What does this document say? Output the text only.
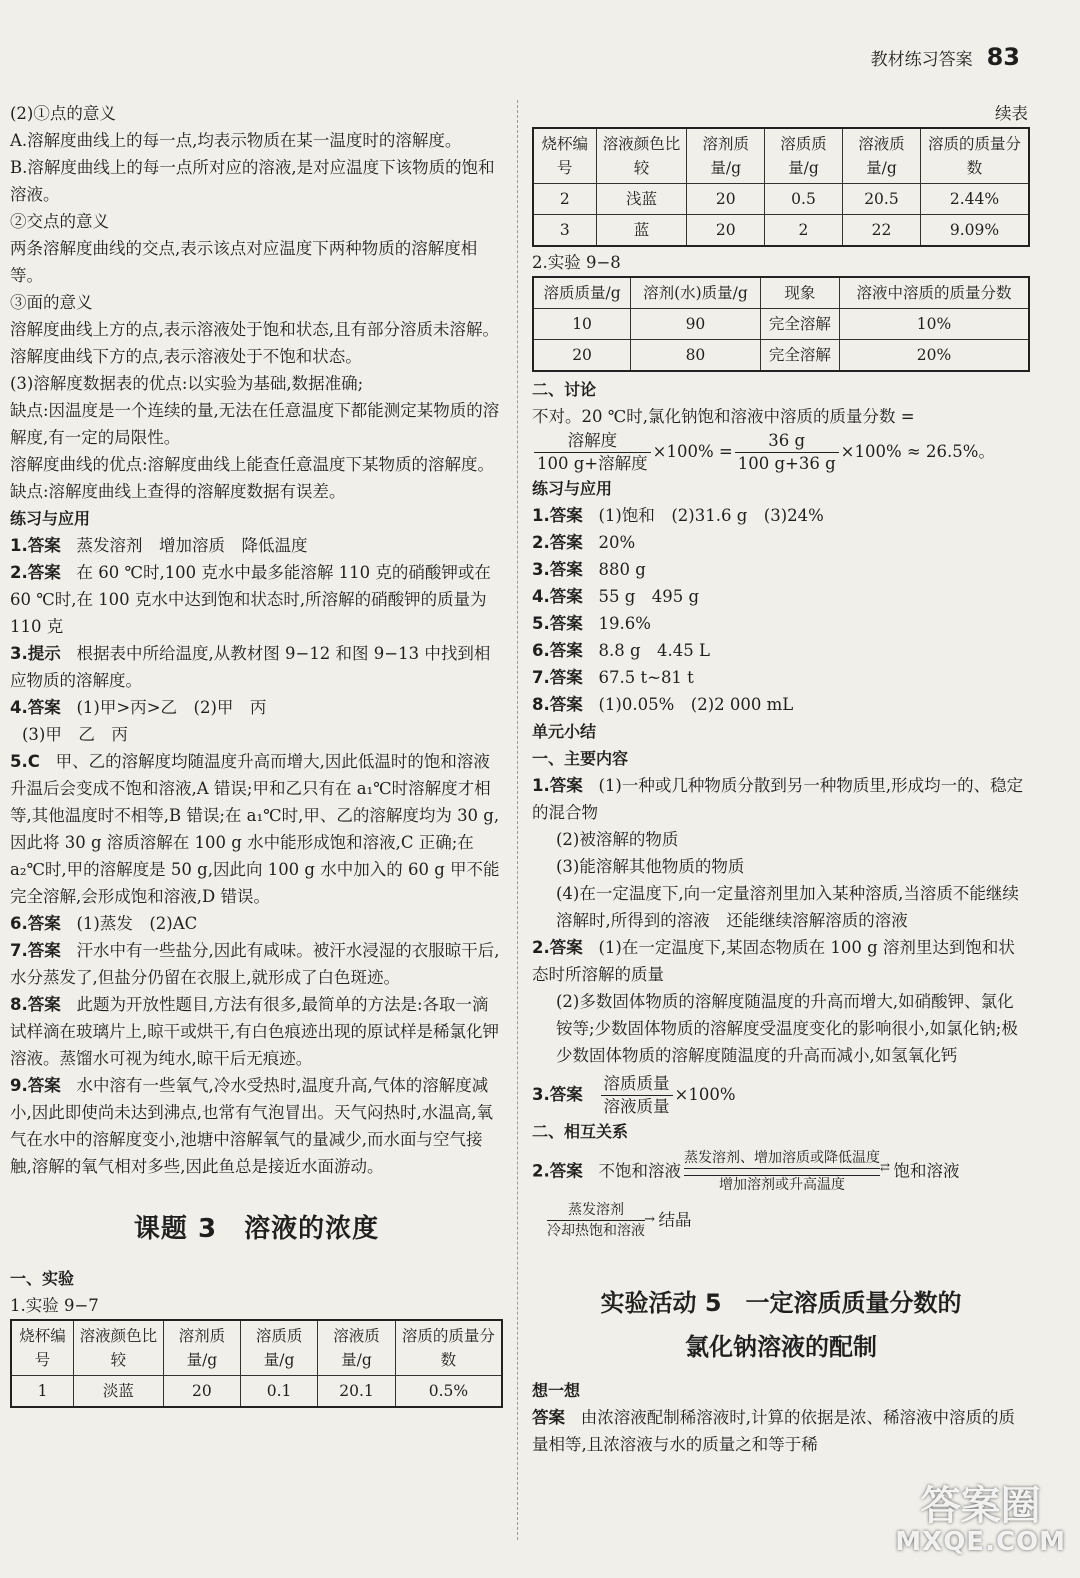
教材练习答案 83

(2)①点的意义

A.溶解度曲线上的每一点,均表示物质在某一温度时的溶解度。

B.溶解度曲线上的每一点所对应的溶液,是对应温度下该物质的饱和溶液。

②交点的意义

两条溶解度曲线的交点,表示该点对应温度下两种物质的溶解度相等。

③面的意义

溶解度曲线上方的点,表示溶液处于饱和状态,且有部分溶质未溶解。溶解度曲线下方的点,表示溶液处于不饱和状态。

(3)溶解度数据表的优点:以实验为基础,数据准确;

缺点:因温度是一个连续的量,无法在任意温度下都能测定某物质的溶解度,有一定的局限性。

溶解度曲线的优点:溶解度曲线上能查任意温度下某物质的溶解度。

缺点:溶解度曲线上查得的溶解度数据有误差。

练习与应用

1.答案 蒸发溶剂　增加溶质　降低温度

2.答案 在 60 ℃时,100 克水中最多能溶解 110 克的硝酸钾或在 60 ℃时,在 100 克水中达到饱和状态时,所溶解的硝酸钾的质量为 110 克

3.提示 根据表中所给温度,从教材图 9−12 和图 9−13 中找到相应物质的溶解度。

4.答案 (1)甲>丙>乙　(2)甲　丙

(3)甲　乙　丙

5.C 甲、乙的溶解度均随温度升高而增大,因此低温时的饱和溶液升温后会变成不饱和溶液,A 错误;甲和乙只有在 a₁℃时溶解度才相等,其他温度时不相等,B 错误;在 a₁℃时,甲、乙的溶解度均为 30 g,因此将 30 g 溶质溶解在 100 g 水中能形成饱和溶液,C 正确;在 a₂℃时,甲的溶解度是 50 g,因此向 100 g 水中加入的 60 g 甲不能完全溶解,会形成饱和溶液,D 错误。

6.答案 (1)蒸发　(2)AC

7.答案 汗水中有一些盐分,因此有咸味。被汗水浸湿的衣服晾干后,水分蒸发了,但盐分仍留在衣服上,就形成了白色斑迹。

8.答案 此题为开放性题目,方法有很多,最简单的方法是:各取一滴试样滴在玻璃片上,晾干或烘干,有白色痕迹出现的原试样是稀氯化钾溶液。蒸馏水可视为纯水,晾干后无痕迹。

9.答案 水中溶有一些氧气,冷水受热时,温度升高,气体的溶解度减小,因此即使尚未达到沸点,也常有气泡冒出。天气闷热时,水温高,氧气在水中的溶解度变小,池塘中溶解氧气的量减少,而水面与空气接触,溶解的氧气相对多些,因此鱼总是接近水面游动。

课题 3　溶液的浓度

一、实验

1.实验 9−7

烧杯编号	溶液颜色比较	溶剂质量/g	溶质质量/g	溶液质量/g	溶质的质量分数
1	淡蓝	20	0.1	20.1	0.5%

续表

烧杯编号	溶液颜色比较	溶剂质量/g	溶质质量/g	溶液质量/g	溶质的质量分数
2	浅蓝	20	0.5	20.5	2.44%
3	蓝	20	2	22	9.09%

2.实验 9−8

溶质质量/g	溶剂(水)质量/g	现象	溶液中溶质的质量分数
10	90	完全溶解	10%
20	80	完全溶解	20%

二、讨论

不对。20 ℃时,氯化钠饱和溶液中溶质的质量分数 =

$\frac{\text{溶解度}}{\text{100 g+溶解度}} \times 100\% = \frac{36 g}{100 g+36 g} \times 100\% \approx 26.5\%$。

练习与应用

1.答案 (1)饱和　(2)31.6 g　(3)24%

2.答案 20%

3.答案 880 g

4.答案 55 g　495 g

5.答案 19.6%

6.答案 8.8 g　4.45 L

7.答案 67.5 t~81 t

8.答案 (1)0.05%　(2)2 000 mL

单元小结

一、主要内容

1.答案 (1)一种或几种物质分散到另一种物质里,形成均一的、稳定的混合物

(2)被溶解的物质

(3)能溶解其他物质的物质

(4)在一定温度下,向一定量溶剂里加入某种溶质,当溶质不能继续溶解时,所得到的溶液　还能继续溶解溶质的溶液

2.答案 (1)在一定温度下,某固态物质在 100 g 溶剂里达到饱和状态时所溶解的质量

(2)多数固体物质的溶解度随温度的升高而增大,如硝酸钾、氯化铵等;少数固体物质的溶解度受温度变化的影响很小,如氯化钠;极少数固体物质的溶解度随温度的升高而减小,如氢氧化钙

3.答案 $\frac{\text{溶质质量}}{\text{溶液质量}} \times 100\%$

二、相互关系

2.答案 不饱和溶液
蒸发溶剂、增加溶质或降低温度
⇄
增加溶剂或升高温度
饱和溶液

蒸发溶剂
→
冷却热饱和溶液
结晶

实验活动 5　一定溶质质量分数的
氯化钠溶液的配制

想一想

答案 由浓溶液配制稀溶液时,计算的依据是浓、稀溶液中溶质的质量相等,且浓溶液与水的质量之和等于稀

答案圈
MXQE.COM
